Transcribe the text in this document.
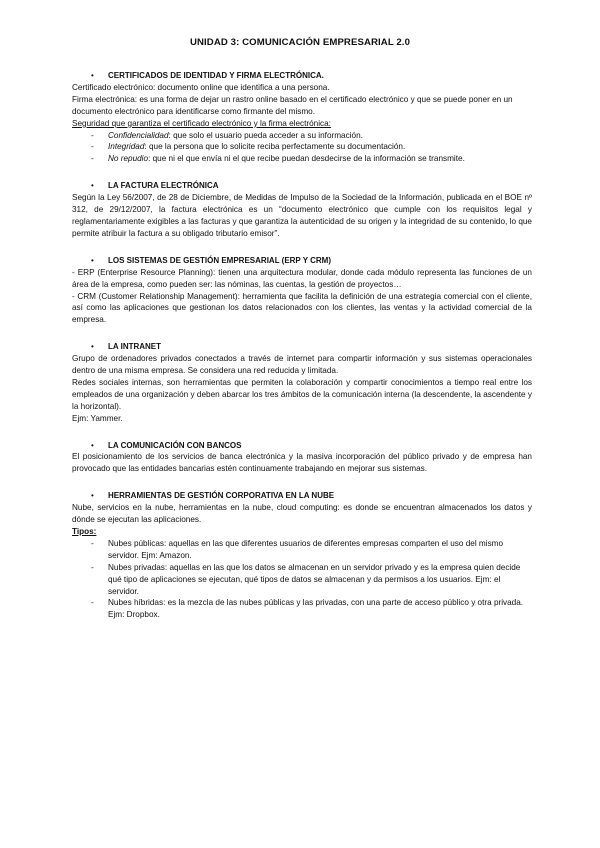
UNIDAD 3: COMUNICACIÓN EMPRESARIAL 2.0
• CERTIFICADOS DE IDENTIDAD Y FIRMA ELECTRÓNICA.

Certificado electrónico: documento online que identifica a una persona.

Firma electrónica: es una forma de dejar un rastro online basado en el certificado electrónico y que se puede poner en un documento electrónico para identificarse como firmante del mismo.

Seguridad que garantiza el certificado electrónico y la firma electrónica:

- Confidencialidad: que solo el usuario pueda acceder a su información.
- Integridad: que la persona que lo solicite reciba perfectamente su documentación.
- No repudio: que ni el que envía ni el que recibe puedan desdecirse de la información se transmite.
• LA FACTURA ELECTRÓNICA

Según la Ley 56/2007, de 28 de Diciembre, de Medidas de Impulso de la Sociedad de la Información, publicada en el BOE nº 312, de 29/12/2007, la factura electrónica es un “documento electrónico que cumple con los requisitos legal y reglamentariamente exigibles a las facturas y que garantiza la autenticidad de su origen y la integridad de su contenido, lo que permite atribuir la factura a su obligado tributario emisor”.

• LOS SISTEMAS DE GESTIÓN EMPRESARIAL (ERP Y CRM)

- ERP (Enterprise Resource Planning): tienen una arquitectura modular, donde cada módulo representa las funciones de un área de la empresa, como pueden ser: las nóminas, las cuentas, la gestión de proyectos…

- CRM (Customer Relationship Management): herramienta que facilita la definición de una estrategia comercial con el cliente, así como las aplicaciones que gestionan los datos relacionados con los clientes, las ventas y la actividad comercial de la empresa.

• LA INTRANET

Grupo de ordenadores privados conectados a través de internet para compartir información y sus sistemas operacionales dentro de una misma empresa. Se considera una red reducida y limitada.

Redes sociales internas, son herramientas que permiten la colaboración y compartir conocimientos a tiempo real entre los empleados de una organización y deben abarcar los tres ámbitos de la comunicación interna (la descendente, la ascendente y la horizontal).

Ejm: Yammer.

• LA COMUNICACIÓN CON BANCOS

El posicionamiento de los servicios de banca electrónica y la masiva incorporación del público privado y de empresa han provocado que las entidades bancarias estén continuamente trabajando en mejorar sus sistemas.

• HERRAMIENTAS DE GESTIÓN CORPORATIVA EN LA NUBE

Nube, servicios en la nube, herramientas en la nube, cloud computing: es donde se encuentran almacenados los datos y dónde se ejecutan las aplicaciones.

Tipos:

- Nubes públicas: aquellas en las que diferentes usuarios de diferentes empresas comparten el uso del mismo servidor. Ejm: Amazon.
- Nubes privadas: aquellas en las que los datos se almacenan en un servidor privado y es la empresa quien decide qué tipo de aplicaciones se ejecutan, qué tipos de datos se almacenan y da permisos a los usuarios. Ejm: el servidor.
- Nubes híbridas: es la mezcla de las nubes públicas y las privadas, con una parte de acceso público y otra privada. Ejm: Dropbox.
